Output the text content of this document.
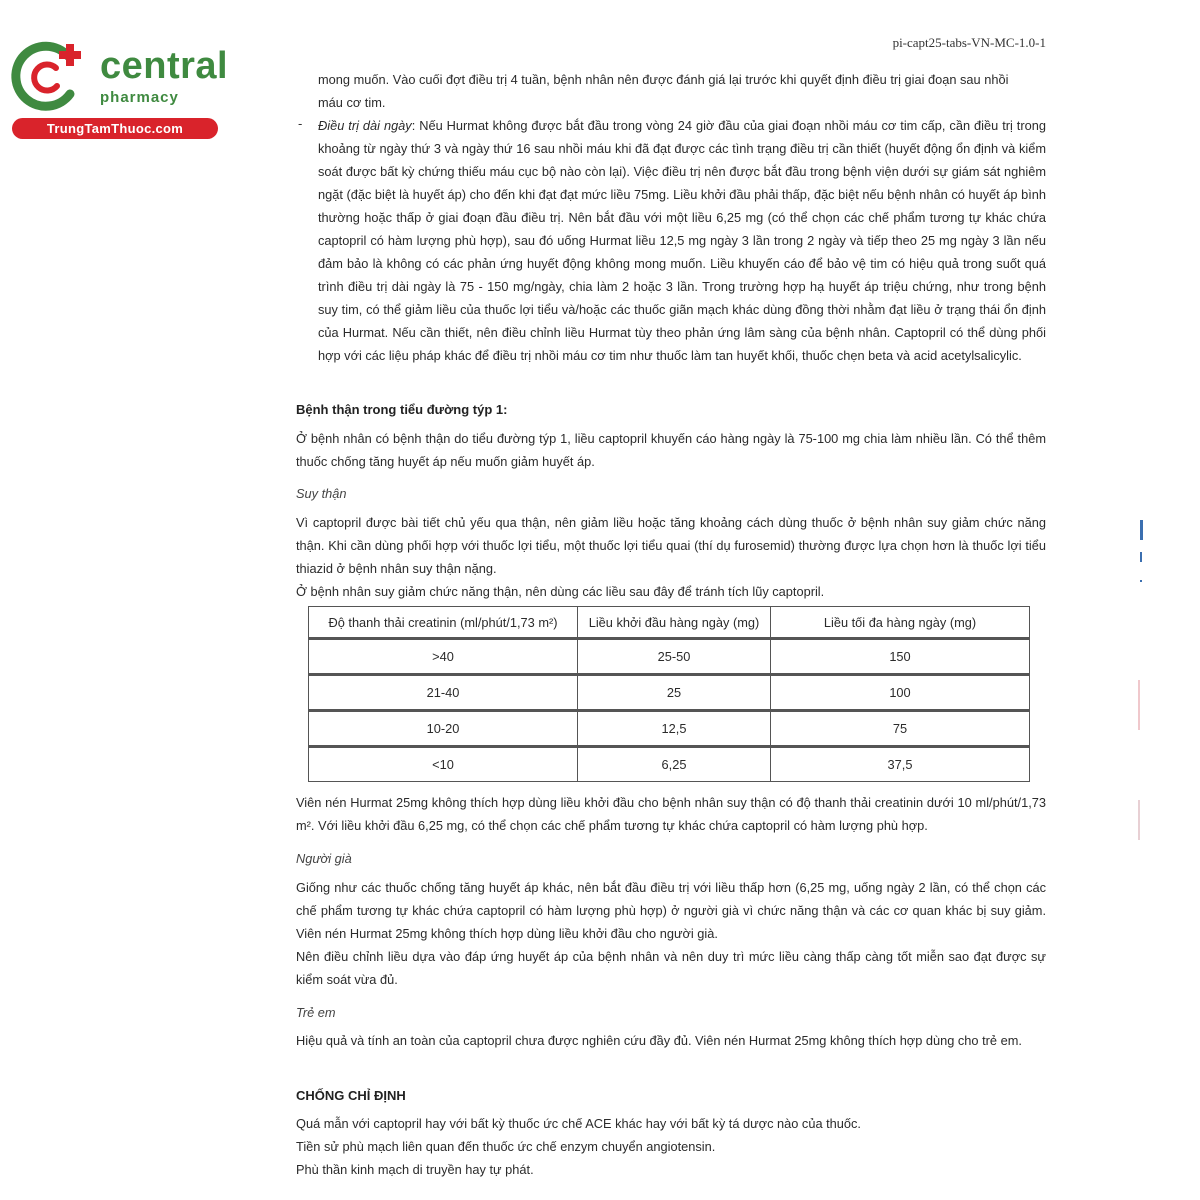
central
pharmacy
TrungTamThuoc.com
pi-capt25-tabs-VN-MC-1.0-1
mong muốn. Vào cuối đợt điều trị 4 tuần, bệnh nhân nên được đánh giá lại trước khi quyết định điều trị giai đoạn sau nhồi
máu cơ tim.
- Điều trị dài ngày: Nếu Hurmat không được bắt đầu trong vòng 24 giờ đầu của giai đoạn nhồi máu cơ tim cấp, cần điều trị trong khoảng từ ngày thứ 3 và ngày thứ 16 sau nhồi máu khi đã đạt được các tình trạng điều trị cần thiết (huyết động ổn định và kiểm soát được bất kỳ chứng thiếu máu cục bộ nào còn lại). Việc điều trị nên được bắt đầu trong bệnh viện dưới sự giám sát nghiêm ngặt (đặc biệt là huyết áp) cho đến khi đạt đạt mức liều 75mg. Liều khởi đầu phải thấp, đặc biệt nếu bệnh nhân có huyết áp bình thường hoặc thấp ở giai đoạn đầu điều trị. Nên bắt đầu với một liều 6,25 mg (có thể chọn các chế phẩm tương tự khác chứa captopril có hàm lượng phù hợp), sau đó uống Hurmat liều 12,5 mg ngày 3 lần trong 2 ngày và tiếp theo 25 mg ngày 3 lần nếu đảm bảo là không có các phản ứng huyết động không mong muốn. Liều khuyến cáo để bảo vệ tim có hiệu quả trong suốt quá trình điều trị dài ngày là 75 - 150 mg/ngày, chia làm 2 hoặc 3 lần. Trong trường hợp hạ huyết áp triệu chứng, như trong bệnh suy tim, có thể giảm liều của thuốc lợi tiểu và/hoặc các thuốc giãn mạch khác dùng đồng thời nhằm đạt liều ở trạng thái ổn định của Hurmat. Nếu cần thiết, nên điều chỉnh liều Hurmat tùy theo phản ứng lâm sàng của bệnh nhân. Captopril có thể dùng phối hợp với các liệu pháp khác để điều trị nhồi máu cơ tim như thuốc làm tan huyết khối, thuốc chẹn beta và acid acetylsalicylic.
Bệnh thận trong tiểu đường týp 1:
Ở bệnh nhân có bệnh thận do tiểu đường týp 1, liều captopril khuyến cáo hàng ngày là 75-100 mg chia làm nhiều lần. Có thể thêm thuốc chống tăng huyết áp nếu muốn giảm huyết áp.
Suy thận
Vì captopril được bài tiết chủ yếu qua thận, nên giảm liều hoặc tăng khoảng cách dùng thuốc ở bệnh nhân suy giảm chức năng thận. Khi cần dùng phối hợp với thuốc lợi tiểu, một thuốc lợi tiểu quai (thí dụ furosemid) thường được lựa chọn hơn là thuốc lợi tiểu thiazid ở bệnh nhân suy thận nặng.
Ở bệnh nhân suy giảm chức năng thận, nên dùng các liều sau đây để tránh tích lũy captopril.
Độ thanh thải creatinin (ml/phút/1,73 m²)	Liều khởi đầu hàng ngày (mg)	Liều tối đa hàng ngày (mg)
>40	25-50	150
21-40	25	100
10-20	12,5	75
<10	6,25	37,5
Viên nén Hurmat 25mg không thích hợp dùng liều khởi đầu cho bệnh nhân suy thận có độ thanh thải creatinin dưới 10 ml/phút/1,73 m². Với liều khởi đầu 6,25 mg, có thể chọn các chế phẩm tương tự khác chứa captopril có hàm lượng phù hợp.
Người già
Giống như các thuốc chống tăng huyết áp khác, nên bắt đầu điều trị với liều thấp hơn (6,25 mg, uống ngày 2 lần, có thể chọn các chế phẩm tương tự khác chứa captopril có hàm lượng phù hợp) ở người già vì chức năng thận và các cơ quan khác bị suy giảm. Viên nén Hurmat 25mg không thích hợp dùng liều khởi đầu cho người già.
Nên điều chỉnh liều dựa vào đáp ứng huyết áp của bệnh nhân và nên duy trì mức liều càng thấp càng tốt miễn sao đạt được sự kiểm soát vừa đủ.
Trẻ em
Hiệu quả và tính an toàn của captopril chưa được nghiên cứu đầy đủ. Viên nén Hurmat 25mg không thích hợp dùng cho trẻ em.
CHỐNG CHỈ ĐỊNH
Quá mẫn với captopril hay với bất kỳ thuốc ức chế ACE khác hay với bất kỳ tá dược nào của thuốc.
Tiền sử phù mạch liên quan đến thuốc ức chế enzym chuyển angiotensin.
Phù thần kinh mạch di truyền hay tự phát.
